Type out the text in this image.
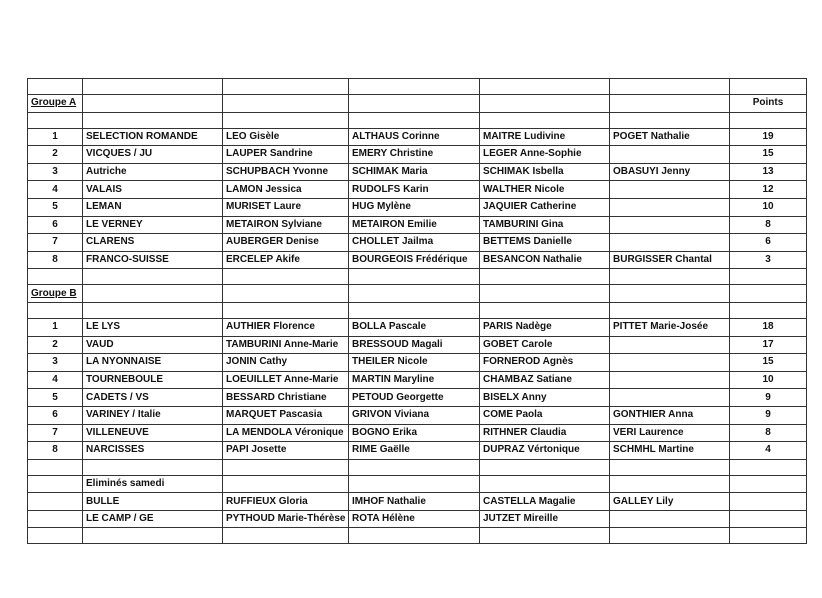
Groupe A						Points

1	SELECTION ROMANDE	LEO Gisèle	ALTHAUS Corinne	MAITRE Ludivine	POGET Nathalie	19
2	VICQUES / JU	LAUPER Sandrine	EMERY Christine	LEGER Anne-Sophie		15
3	Autriche	SCHUPBACH Yvonne	SCHIMAK Maria	SCHIMAK Isbella	OBASUYI Jenny	13
4	VALAIS	LAMON Jessica	RUDOLFS Karin	WALTHER Nicole		12
5	LEMAN	MURISET Laure	HUG Mylène	JAQUIER Catherine		10
6	LE VERNEY	METAIRON Sylviane	METAIRON Emilie	TAMBURINI Gina		8
7	CLARENS	AUBERGER Denise	CHOLLET Jailma	BETTEMS Danielle		6
8	FRANCO-SUISSE	ERCELEP Akife	BOURGEOIS Frédérique	BESANCON Nathalie	BURGISSER Chantal	3

Groupe B						

1	LE LYS	AUTHIER Florence	BOLLA Pascale	PARIS Nadège	PITTET Marie-Josée	18
2	VAUD	TAMBURINI Anne-Marie	BRESSOUD Magali	GOBET Carole		17
3	LA NYONNAISE	JONIN Cathy	THEILER Nicole	FORNEROD Agnès		15
4	TOURNEBOULE	LOEUILLET Anne-Marie	MARTIN Maryline	CHAMBAZ Satiane		10
5	CADETS / VS	BESSARD Christiane	PETOUD Georgette	BISELX Anny		9
6	VARINEY / Italie	MARQUET Pascasia	GRIVON Viviana	COME Paola	GONTHIER Anna	9
7	VILLENEUVE	LA MENDOLA Véronique	BOGNO Erika	RITHNER Claudia	VERI Laurence	8
8	NARCISSES	PAPI Josette	RIME Gaëlle	DUPRAZ Vértonique	SCHMHL Martine	4

	Eliminés samedi					
	BULLE	RUFFIEUX Gloria	IMHOF Nathalie	CASTELLA Magalie	GALLEY Lily	
	LE CAMP / GE	PYTHOUD Marie-Thérèse	ROTA Hélène	JUTZET Mireille		
